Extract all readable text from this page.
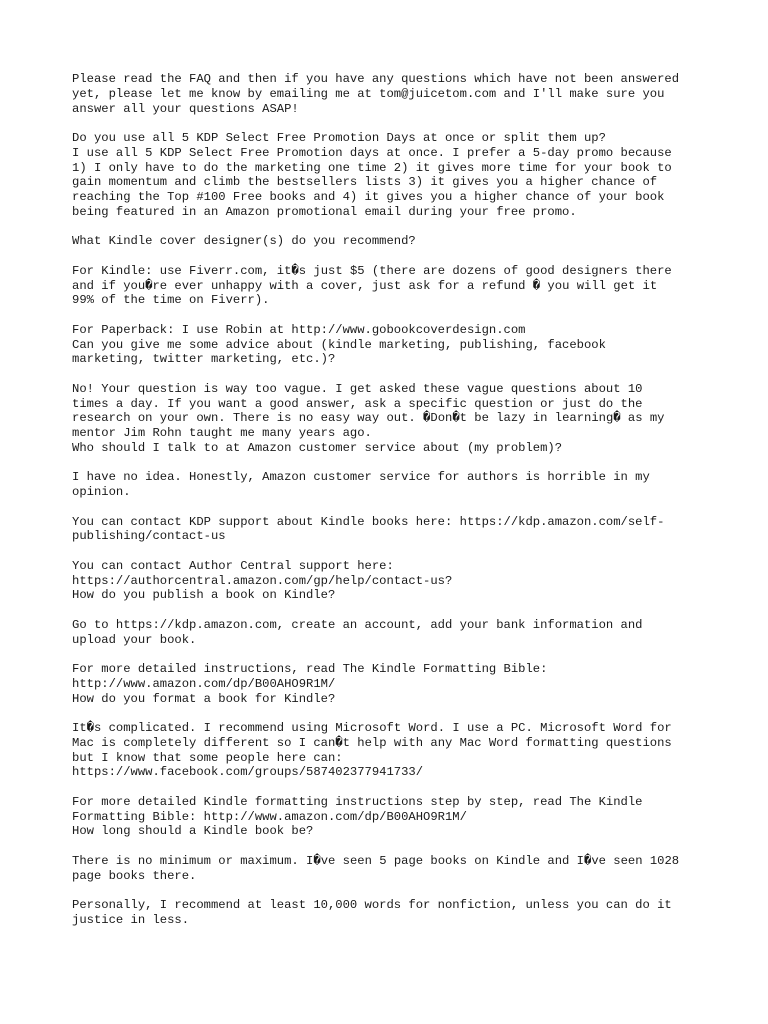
Please read the FAQ and then if you have any questions which have not been answered
yet, please let me know by emailing me at tom@juicetom.com and I'll make sure you
answer all your questions ASAP!
Do you use all 5 KDP Select Free Promotion Days at once or split them up?
I use all 5 KDP Select Free Promotion days at once. I prefer a 5-day promo because
1) I only have to do the marketing one time 2) it gives more time for your book to
gain momentum and climb the bestsellers lists 3) it gives you a higher chance of
reaching the Top #100 Free books and 4) it gives you a higher chance of your book
being featured in an Amazon promotional email during your free promo.
What Kindle cover designer(s) do you recommend?
For Kindle: use Fiverr.com, it�s just $5 (there are dozens of good designers there
and if you�re ever unhappy with a cover, just ask for a refund � you will get it
99% of the time on Fiverr).
For Paperback: I use Robin at http://www.gobookcoverdesign.com
Can you give me some advice about (kindle marketing, publishing, facebook
marketing, twitter marketing, etc.)?
No! Your question is way too vague. I get asked these vague questions about 10
times a day. If you want a good answer, ask a specific question or just do the
research on your own. There is no easy way out. �Don�t be lazy in learning� as my
mentor Jim Rohn taught me many years ago.
Who should I talk to at Amazon customer service about (my problem)?
I have no idea. Honestly, Amazon customer service for authors is horrible in my
opinion.
You can contact KDP support about Kindle books here: https://kdp.amazon.com/self-
publishing/contact-us
You can contact Author Central support here:
https://authorcentral.amazon.com/gp/help/contact-us?
How do you publish a book on Kindle?
Go to https://kdp.amazon.com, create an account, add your bank information and
upload your book.
For more detailed instructions, read The Kindle Formatting Bible:
http://www.amazon.com/dp/B00AHO9R1M/
How do you format a book for Kindle?
It�s complicated. I recommend using Microsoft Word. I use a PC. Microsoft Word for
Mac is completely different so I can�t help with any Mac Word formatting questions
but I know that some people here can:
https://www.facebook.com/groups/587402377941733/
For more detailed Kindle formatting instructions step by step, read The Kindle
Formatting Bible: http://www.amazon.com/dp/B00AHO9R1M/
How long should a Kindle book be?
There is no minimum or maximum. I�ve seen 5 page books on Kindle and I�ve seen 1028
page books there.
Personally, I recommend at least 10,000 words for nonfiction, unless you can do it
justice in less.
